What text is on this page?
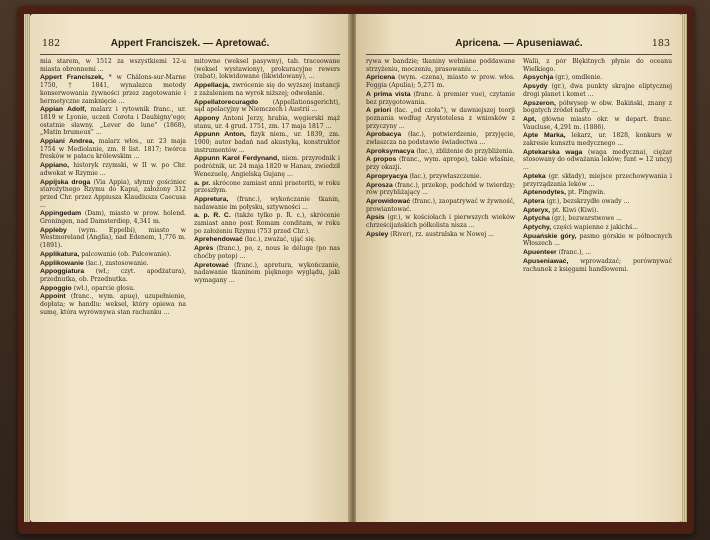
182	Appert Franciszek. — Apretować.

mia starem, w 1512 za wszystkiemi 12-u miasta obronnemi ...

Appert Franciszek, * w Châlons-sur-Marne 1750, † 1841, wynalazca metody konserwowania żywności przez zagotowanie i hermetyczne zamknięcie ...

Appian Adolf, malarz i rytownik franc., ur. 1819 w Lyonie, uczeń Corota i Daubigny'ego; ostatnie sławny. „Lever de lune” (1868), „Matin brumeux” ...

Appiani Andrea, malarz włos., ur. 23 maja 1754 w Mediolanie, zm. 8 list. 1817; twórca fresków w pałacu królewskim ...

Appiano, historyk rzymski, w II w. po Chr. adwokat w Rzymie ...

Appijska droga (Via Appia), słynny gościniec starożytnego Rzymu do Kapui, założony 312 przed Chr. przez Appiusza Klaudiusza Caecusa ...

Appingedam (Dam), miasto w prow. holend. Groningen, nad Damsterdiep, 4,341 m.

Appleby (wym. Eppelbi), miasto w Westmoreland (Anglia), nad Edenem, 1,776 m. (1891).

Applikatura, palcowanie (ob. Palcowanie).

Applikowanie (łac.), zastosowanie.

Appoggiatura (wł.; czyt. apodżatura), przednutka, ob. Przednutka.

Appoggio (wł.), oparcie głosu.

Appoint (franc., wym. apuę), uzupełnienie, dopłata; w handlu: weksel, który opiewa na sumę, która wyrównywa stan rachunku ...

mitowne (weksel pasywny), tab. traceowane (weksel wystawiony), prokuracyjne rewers (rabat), lokwidowane (likwidowany), ...

Appellacja, zwrócenie się do wyższej instancji z zażaleniem na wyrok niższej; odwołanie.

Appellatorecuragdo (Appellationsgericht), sąd apelacyjny w Niemczech i Austrii ...

Appony Antoni Jerzy, hrabia, węgierski mąż stanu, ur. 4 grud. 1751, zm. 17 maja 1817 ...

Appunn Anton, fizyk niem., ur. 1839, zm. 1900; autor badań nad akustyką, konstruktor instrumentów ...

Appunn Karol Ferdynand, niem. przyrodnik i podróżnik, ur. 24 maja 1820 w Hanau, zwiedził Wenezuelę, Angielską Gujanę ...

a. pr. skrócone zamiast anni praeteriti, w roku przeszłym.

Appretura, (franc.), wykończanie tkanin, nadawanie im połysku, sztywności ...

a. p. R. C. (także tylko p. R. c.), skrócenie zamiast anno post Romam conditam, w roku po założeniu Rzymu (753 przed Chr.).

Aprehendować (łac.), zważać, ująć się.

Après (franc.), po, z, nous le déluge (po nas choćby potop) ...

Apretować (franc.), apretura, wykończanie, nadawanie tkaninom pięknego wyglądu, jaki wymagany ...

Apricena. — Apuseniawać.	183

rywa w bandzie; tkaniny wełniane poddawane strzyżeniu, moczeniu, prasowaniu ...

Apricena (wym. -czena), miasto w prow. włos. Foggia (Apulia); 5,271 m.

A prima vista (franc. à premier vue), czytanie bez przygotowania.

A priori (łac. „od czoła”), w dawniejszej teorji poznania według Arystotelesa z wniosków z przyczyny ...

Aprobacya (łac.), potwierdzenie, przyjęcie, zwłaszcza na podstawie świadectwa ...

Aproksymacya (łac.), zbliżenie do przybliżenia.

A propos (franc., wym. apropo), takie właśnie, przy okazji.

Apropryacya (łac.), przywłaszczenie.

Aprosza (franc.), przekop, podchód w twierdzy; rów przybliżający ...

Aprowidować (franc.), zaopatrywać w żywność, prowiantować.

Apsis (gr.), w kościołach i pierwszych wieków chrześcijańskich półkolista nisza ...

Apsley (River), rz. australska w Nowej ...

Walii, z pór Blękitnych płynie do oceanu Wielkiego.

Apsychja (gr.), omdlenie.

Apsydy (gr.), dwa punkty skrajne eliptycznej drogi planet i komet ...

Apszeron, półwysep w obw. Bakiński, znany z bogatych źródeł nafty ...

Apt, główne miasto okr. w depart. franc. Vaucluse, 4,291 m. (1886).

Apte Marka, lekarz, ur. 1828, konkurs w zakresie kunsztu medycznego ...

Aptekarska waga (waga medyczna), ciężar stosowany do odważania leków; funt = 12 uncyj ...

Apteka (gr. składy), miejsce przechowywania i przyrządzania leków ...

Aptenodytes, pt. Pingwin.

Aptera (gr.), bezskrzydłe owady ...

Apteryx, pt. Kiwi (Kiwi).

Aptycha (gr.), bezwarstwowe ...

Aptychy, części wapienne z jakichś...

Apuańskie góry, pasmo górskie w północnych Włoszech ...

Apuenteer (franc.), ...

Apuseniawać, wprowadzać; porównywać rachunek z księgami handlowemi.
